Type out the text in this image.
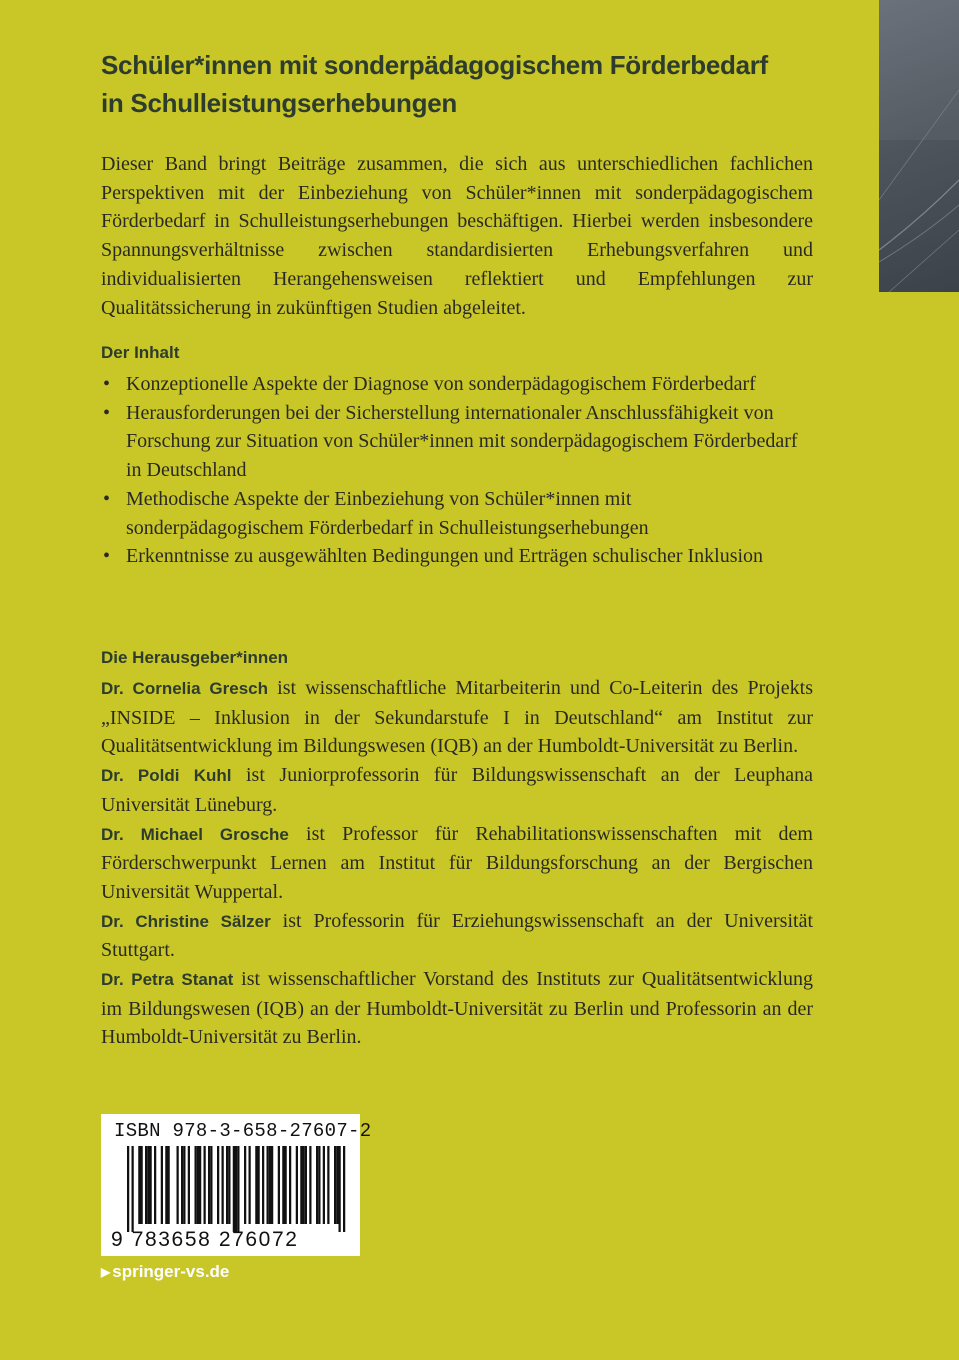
Schüler*innen mit sonderpädagogischem Förderbedarf
in Schulleistungserhebungen
Dieser Band bringt Beiträge zusammen, die sich aus unterschiedlichen fachlichen Perspektiven mit der Einbeziehung von Schüler*innen mit sonderpädagogischem Förderbedarf in Schulleistungserhebungen beschäftigen. Hierbei werden insbesondere Spannungsverhältnisse zwischen standardisierten Erhebungsverfahren und individualisierten Herangehensweisen reflektiert und Empfehlungen zur Qualitätssicherung in zukünftigen Studien abgeleitet.
Der Inhalt
• Konzeptionelle Aspekte der Diagnose von sonderpädagogischem Förderbedarf
• Herausforderungen bei der Sicherstellung internationaler Anschlussfähigkeit von Forschung zur Situation von Schüler*innen mit sonderpädagogischem Förderbedarf in Deutschland
• Methodische Aspekte der Einbeziehung von Schüler*innen mit sonderpädagogischem Förderbedarf in Schulleistungserhebungen
• Erkenntnisse zu ausgewählten Bedingungen und Erträgen schulischer Inklusion
Die Herausgeber*innen

Dr. Cornelia Gresch ist wissenschaftliche Mitarbeiterin und Co-Leiterin des Projekts „INSIDE – Inklusion in der Sekundarstufe I in Deutschland“ am Institut zur Qualitätsentwicklung im Bildungswesen (IQB) an der Humboldt-Universität zu Berlin.

Dr. Poldi Kuhl ist Juniorprofessorin für Bildungswissenschaft an der Leuphana Universität Lüneburg.

Dr. Michael Grosche ist Professor für Rehabilitationswissenschaften mit dem Förderschwerpunkt Lernen am Institut für Bildungsforschung an der Bergischen Universität Wuppertal.

Dr. Christine Sälzer ist Professorin für Erziehungswissenschaft an der Universität Stuttgart.

Dr. Petra Stanat ist wissenschaftlicher Vorstand des Instituts zur Qualitätsentwicklung im Bildungswesen (IQB) an der Humboldt-Universität zu Berlin und Professorin an der Humboldt-Universität zu Berlin.

ISBN 978-3-658-27607-2
9 783658 276072
▶ springer-vs.de
